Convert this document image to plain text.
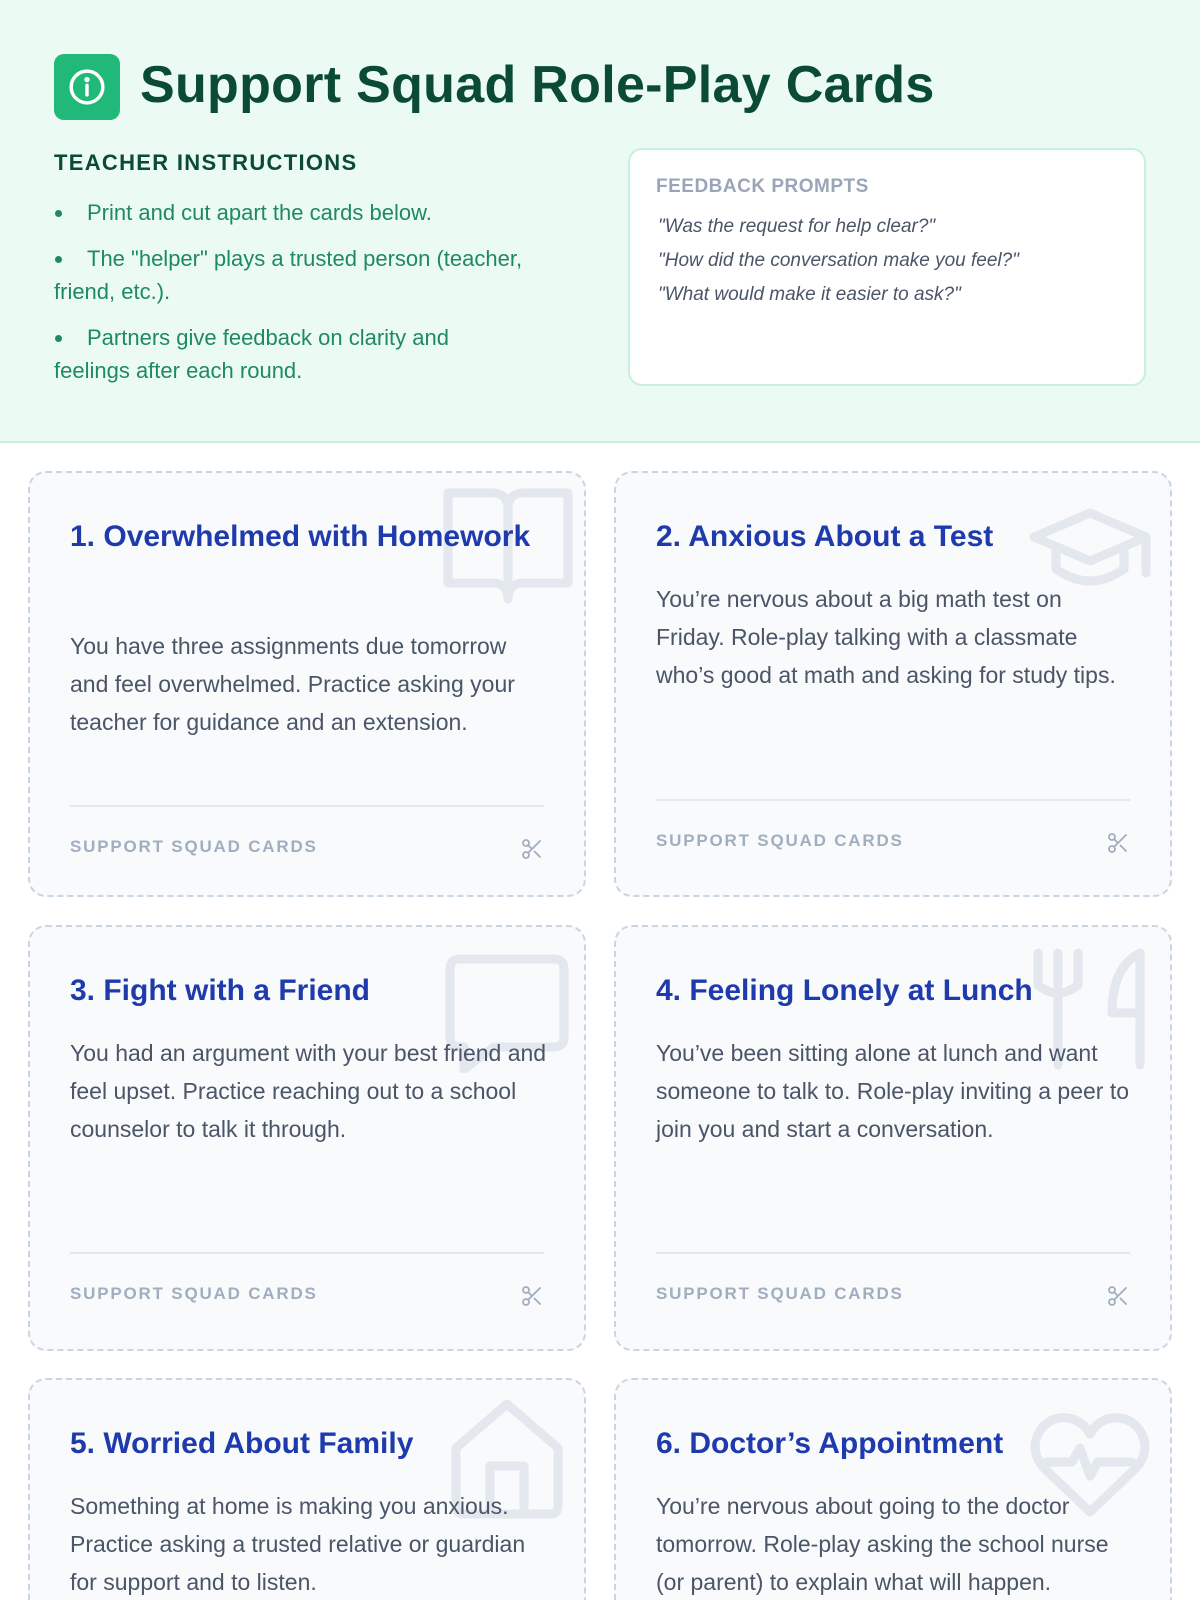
Support Squad Role-Play Cards
TEACHER INSTRUCTIONS
Print and cut apart the cards below.
The "helper" plays a trusted person (teacher, friend, etc.).
Partners give feedback on clarity and feelings after each round.
FEEDBACK PROMPTS
"Was the request for help clear?"
"How did the conversation make you feel?"
"What would make it easier to ask?"
1. Overwhelmed with Homework
You have three assignments due tomorrow and feel overwhelmed. Practice asking your teacher for guidance and an extension.
SUPPORT SQUAD CARDS
2. Anxious About a Test
You’re nervous about a big math test on Friday. Role-play talking with a classmate who’s good at math and asking for study tips.
SUPPORT SQUAD CARDS
3. Fight with a Friend
You had an argument with your best friend and feel upset. Practice reaching out to a school counselor to talk it through.
SUPPORT SQUAD CARDS
4. Feeling Lonely at Lunch
You’ve been sitting alone at lunch and want someone to talk to. Role-play inviting a peer to join you and start a conversation.
SUPPORT SQUAD CARDS
5. Worried About Family
Something at home is making you anxious. Practice asking a trusted relative or guardian for support and to listen.
6. Doctor’s Appointment
You’re nervous about going to the doctor tomorrow. Role-play asking the school nurse (or parent) to explain what will happen.
